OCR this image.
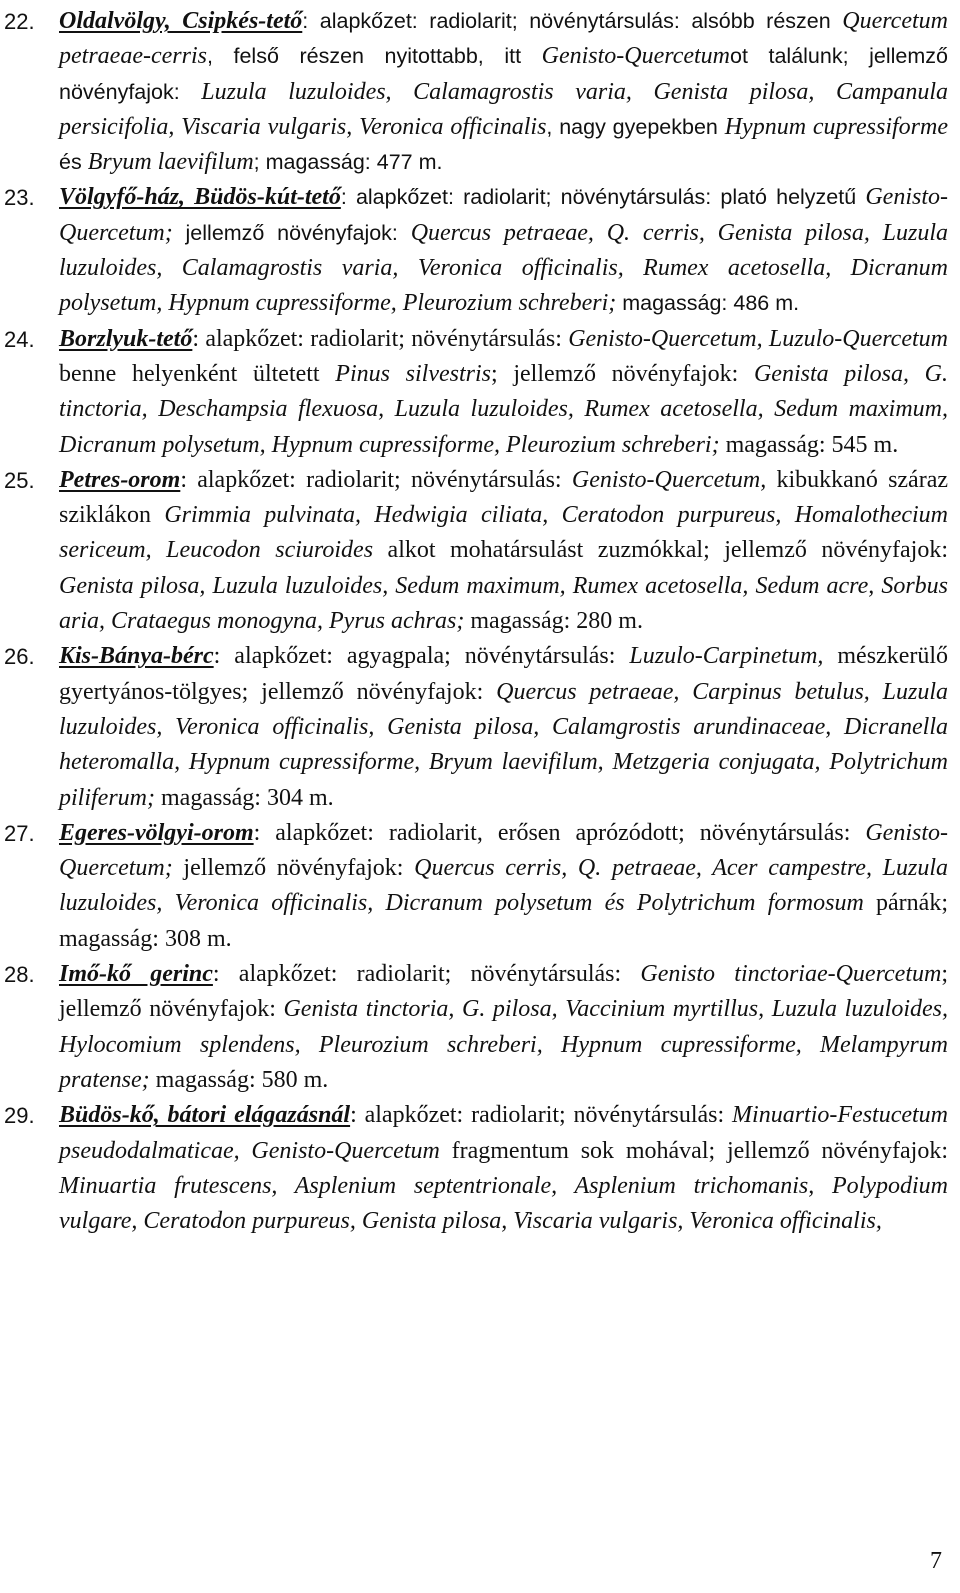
22.	Oldalvölgy, Csipkés-tető: alapkőzet: radiolarit; növénytársulás: alsóbb részen Quercetum petraeae-cerris, felső részen nyitottabb, itt Genisto-Quercetumot találunk; jellemző növényfajok: Luzula luzuloides, Calamagrostis varia, Genista pilosa, Campanula persicifolia, Viscaria vulgaris, Veronica officinalis, nagy gyepekben Hypnum cupressiforme és Bryum laevifilum; magasság: 477 m.
23.	Völgyfő-ház, Büdös-kút-tető: alapkőzet: radiolarit; növénytársulás: plató helyzetű Genisto-Quercetum; jellemző növényfajok: Quercus petraeae, Q. cerris, Genista pilosa, Luzula luzuloides, Calamagrostis varia, Veronica officinalis, Rumex acetosella, Dicranum polysetum, Hypnum cupressiforme, Pleurozium schreberi; magasság: 486 m.
24.	Borzlyuk-tető: alapkőzet: radiolarit; növénytársulás: Genisto-Quercetum, Luzulo-Quercetum benne helyenként ültetett Pinus silvestris; jellemző növényfajok: Genista pilosa, G. tinctoria, Deschampsia flexuosa, Luzula luzuloides, Rumex acetosella, Sedum maximum, Dicranum polysetum, Hypnum cupressiforme, Pleurozium schreberi; magasság: 545 m.
25.	Petres-orom: alapkőzet: radiolarit; növénytársulás: Genisto-Quercetum, kibukkanó száraz sziklákon Grimmia pulvinata, Hedwigia ciliata, Ceratodon purpureus, Homalothecium sericeum, Leucodon sciuroides alkot mohatársulást zuzmókkal; jellemző növényfajok: Genista pilosa, Luzula luzuloides, Sedum maximum, Rumex acetosella, Sedum acre, Sorbus aria, Crataegus monogyna, Pyrus achras; magasság: 280 m.
26.	Kis-Bánya-bérc: alapkőzet: agyagpala; növénytársulás: Luzulo-Carpinetum, mészkerülő gyertyános-tölgyes; jellemző növényfajok: Quercus petraeae, Carpinus betulus, Luzula luzuloides, Veronica officinalis, Genista pilosa, Calamgrostis arundinaceae, Dicranella heteromalla, Hypnum cupressiforme, Bryum laevifilum, Metzgeria conjugata, Polytrichum piliferum; magasság: 304 m.
27.	Egeres-völgyi-orom: alapkőzet: radiolarit, erősen aprózódott; növénytársulás: Genisto-Quercetum; jellemző növényfajok: Quercus cerris, Q. petraeae, Acer campestre, Luzula luzuloides, Veronica officinalis, Dicranum polysetum és Polytrichum formosum párnák; magasság: 308 m.
28.	Imő-kő gerinc: alapkőzet: radiolarit; növénytársulás: Genisto tinctoriae-Quercetum; jellemző növényfajok: Genista tinctoria, G. pilosa, Vaccinium myrtillus, Luzula luzuloides, Hylocomium splendens, Pleurozium schreberi, Hypnum cupressiforme, Melampyrum pratense; magasság: 580 m.
29.	Büdös-kő, bátori elágazásnál: alapkőzet: radiolarit; növénytársulás: Minuartio-Festucetum pseudodalmaticae, Genisto-Quercetum fragmentum sok mohával; jellemző növényfajok: Minuartia frutescens, Asplenium septentrionale, Asplenium trichomanis, Polypodium vulgare, Ceratodon purpureus, Genista pilosa, Viscaria vulgaris, Veronica officinalis,
7
